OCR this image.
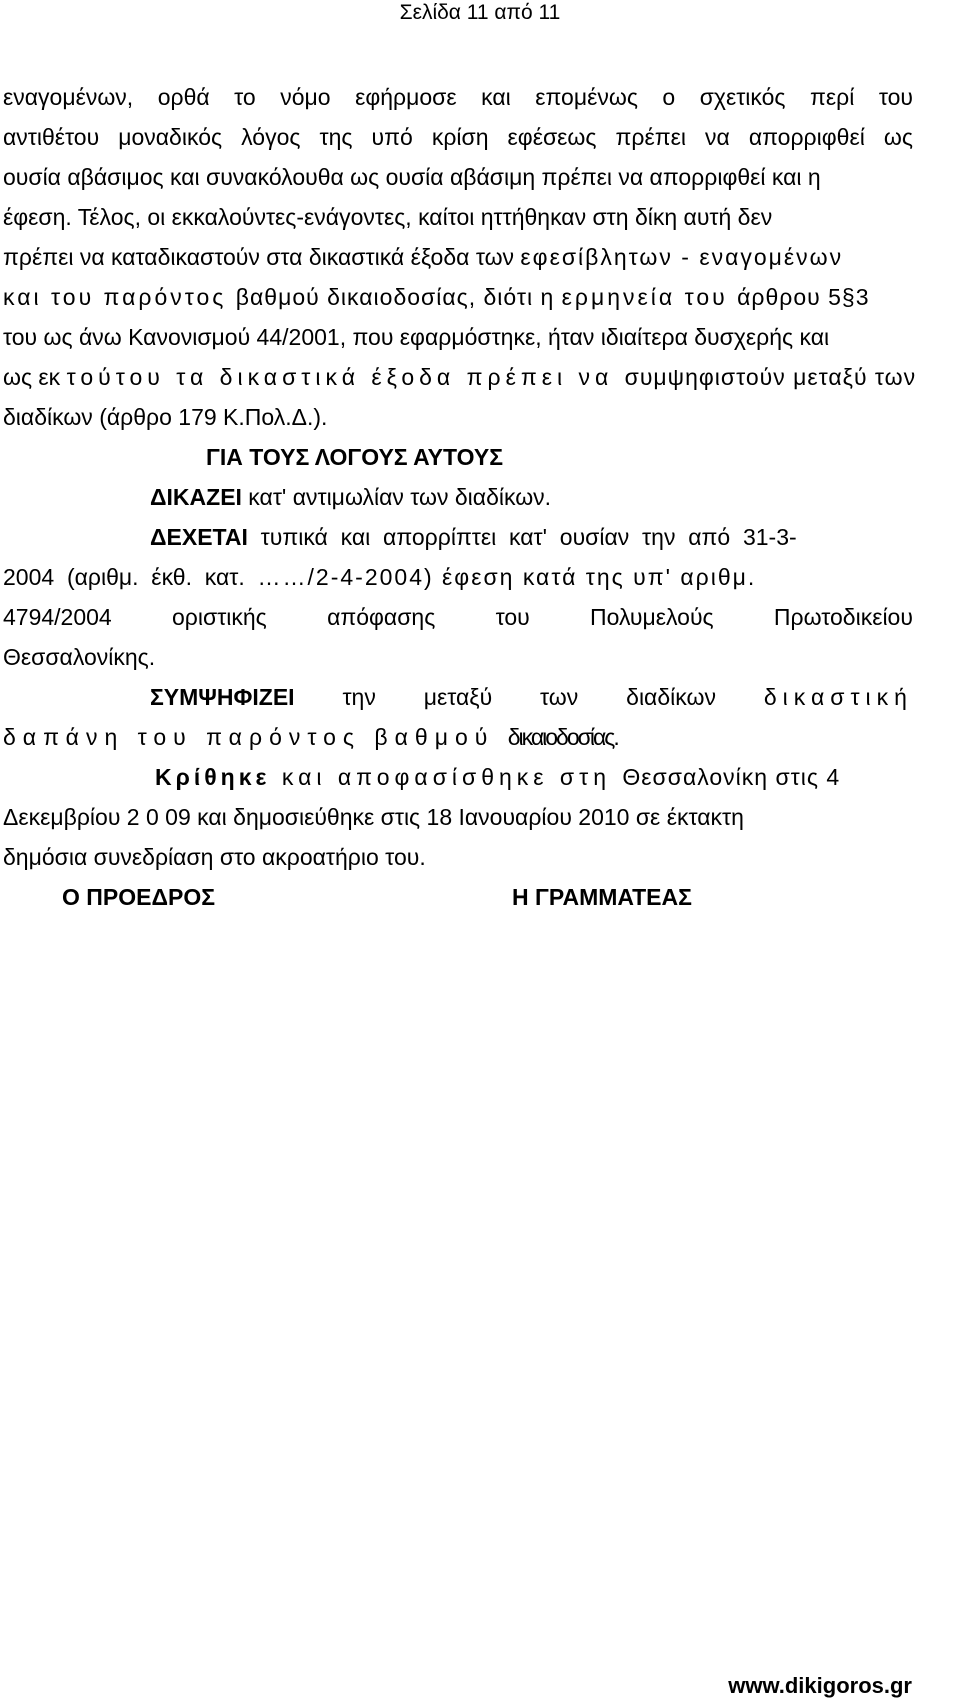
Σελίδα 11 από 11
εναγομένων, ορθά το νόμο εφήρμοσε και επομένως ο σχετικός περί του
αντιθέτου μοναδικός λόγος της υπό κρίση εφέσεως πρέπει να απορριφθεί ως
ουσία αβάσιμος και συνακόλουθα ως ουσία αβάσιμη πρέπει να απορριφθεί και η
έφεση. Τέλος, οι εκκαλούντες-ενάγοντες, καίτοι ηττήθηκαν στη δίκη αυτή δεν
πρέπει να καταδικαστούν στα δικαστικά έξοδα των εφεσίβλητων - εναγομένων
και του παρόντος βαθμού δικαιοδοσίας, διότι η ερμηνεία του άρθρου 5§3
του ως άνω Κανονισμού 44/2001, που εφαρμόστηκε, ήταν ιδιαίτερα δυσχερής και
ως εκ τούτου τα δικαστικά έξοδα πρέπει να συμψηφιστούν μεταξύ των
διαδίκων (άρθρο 179 Κ.Πολ.Δ.).
ΓΙΑ ΤΟΥΣ ΛΟΓΟΥΣ ΑΥΤΟΥΣ
ΔΙΚΑΖΕΙ κατ' αντιμωλίαν των διαδίκων.
ΔΕΧΕΤΑΙ  τυπικά  και  απορρίπτει  κατ'  ουσίαν  την  από  31-3-
2004  (αριθμ.  έκθ.  κατ.  ……/2-4-2004) έφεση κατά της υπ' αριθμ.
4794/2004	οριστικής	απόφασης	του	Πολυμελούς	Πρωτοδικείου
Θεσσαλονίκης.
ΣΥΜΨΗΦΙΖΕΙ την μεταξύ των διαδίκων δικαστική
δαπάνη του παρόντος βαθμού δικαιοδοσίας.
Κρίθηκε και αποφασίσθηκε στη Θεσσαλονίκη στις 4
Δεκεμβρίου 2 0 09 και δημοσιεύθηκε στις 18 Ιανουαρίου 2010 σε έκτακτη
δημόσια συνεδρίαση στο ακροατήριο του.
Ο ΠΡΟΕΔΡΟΣ	Η ΓΡΑΜΜΑΤΕΑΣ
www.dikigoros.gr
